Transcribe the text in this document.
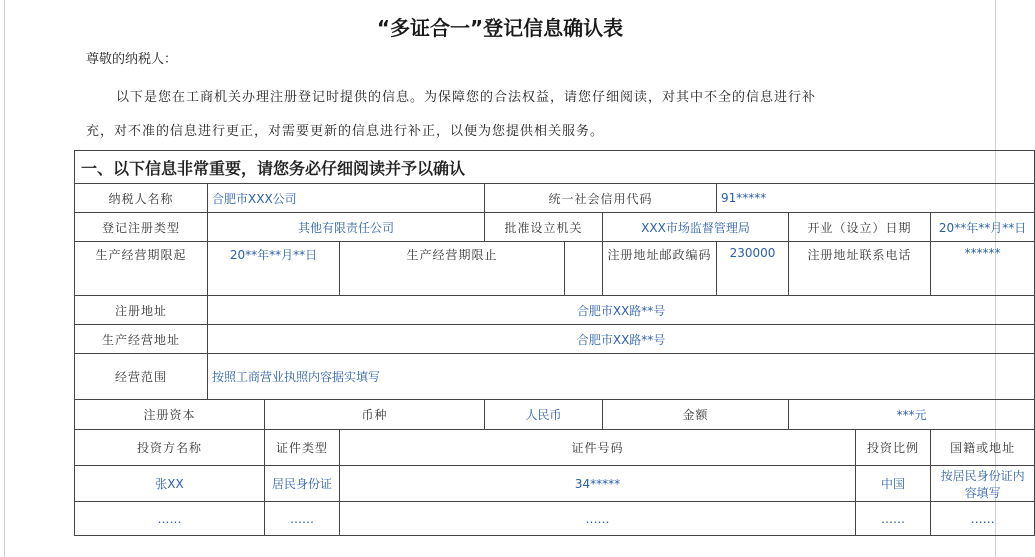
“多证合一”登记信息确认表
尊敬的纳税人：
以下是您在工商机关办理注册登记时提供的信息。为保障您的合法权益，请您仔细阅读，对其中不全的信息进行补
充，对不准的信息进行更正，对需要更新的信息进行补正，以便为您提供相关服务。
一、以下信息非常重要，请您务必仔细阅读并予以确认										
纳税人名称	合肥市XXX公司			统一社会信用代码			91*****			
登记注册类型	其他有限责任公司			批准设立机关		XXX市场监督管理局		开业（设立）日期		20**年**月**日
生产经营期限起	20**年**月**日		生产经营期限止			注册地址邮政编码	230000	注册地址联系电话		******
注册地址	合肥市XX路**号									
生产经营地址	合肥市XX路**号									
经营范围	按照工商营业执照内容据实填写									
注册资本		币种		人民币		金额		***元		
投资方名称		证件类型	证件号码						投资比例	国籍或地址
张XX		居民身份证	34*****						中国	按居民身份证内容填写
……		……	……						……	……
